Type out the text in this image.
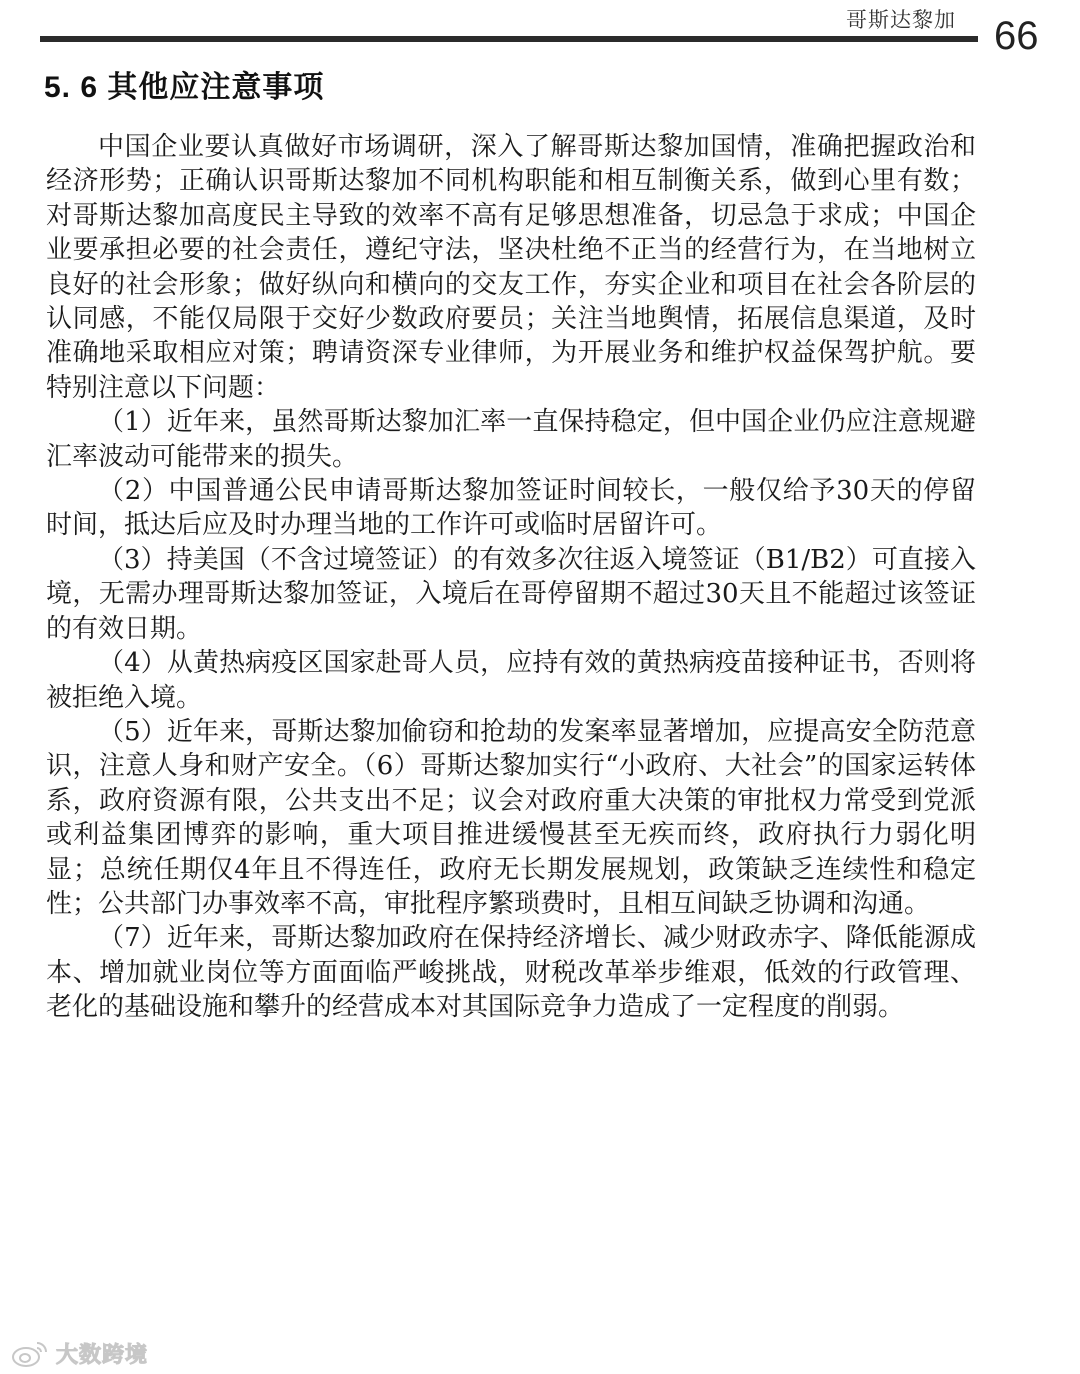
哥斯达黎加 66
5. 6 其他应注意事项

中国企业要认真做好市场调研，深入了解哥斯达黎加国情，准确把握政治和经济形势；正确认识哥斯达黎加不同机构职能和相互制衡关系，做到心里有数；对哥斯达黎加高度民主导致的效率不高有足够思想准备，切忌急于求成；中国企业要承担必要的社会责任，遵纪守法，坚决杜绝不正当的经营行为，在当地树立良好的社会形象；做好纵向和横向的交友工作，夯实企业和项目在社会各阶层的认同感，不能仅局限于交好少数政府要员；关注当地舆情，拓展信息渠道，及时准确地采取相应对策；聘请资深专业律师，为开展业务和维护权益保驾护航。要特别注意以下问题：

（1）近年来，虽然哥斯达黎加汇率一直保持稳定，但中国企业仍应注意规避汇率波动可能带来的损失。

（2）中国普通公民申请哥斯达黎加签证时间较长，一般仅给予30天的停留时间，抵达后应及时办理当地的工作许可或临时居留许可。

（3）持美国（不含过境签证）的有效多次往返入境签证（B1/B2）可直接入境，无需办理哥斯达黎加签证，入境后在哥停留期不超过30天且不能超过该签证的有效日期。

（4）从黄热病疫区国家赴哥人员，应持有效的黄热病疫苗接种证书，否则将被拒绝入境。

（5）近年来，哥斯达黎加偷窃和抢劫的发案率显著增加，应提高安全防范意识，注意人身和财产安全。（6）哥斯达黎加实行“小政府、大社会”的国家运转体系，政府资源有限，公共支出不足；议会对政府重大决策的审批权力常受到党派或利益集团博弈的影响，重大项目推进缓慢甚至无疾而终，政府执行力弱化明显；总统任期仅4年且不得连任，政府无长期发展规划，政策缺乏连续性和稳定性；公共部门办事效率不高，审批程序繁琐费时，且相互间缺乏协调和沟通。

（7）近年来，哥斯达黎加政府在保持经济增长、减少财政赤字、降低能源成本、增加就业岗位等方面面临严峻挑战，财税改革举步维艰，低效的行政管理、老化的基础设施和攀升的经营成本对其国际竞争力造成了一定程度的削弱。

大数跨境
